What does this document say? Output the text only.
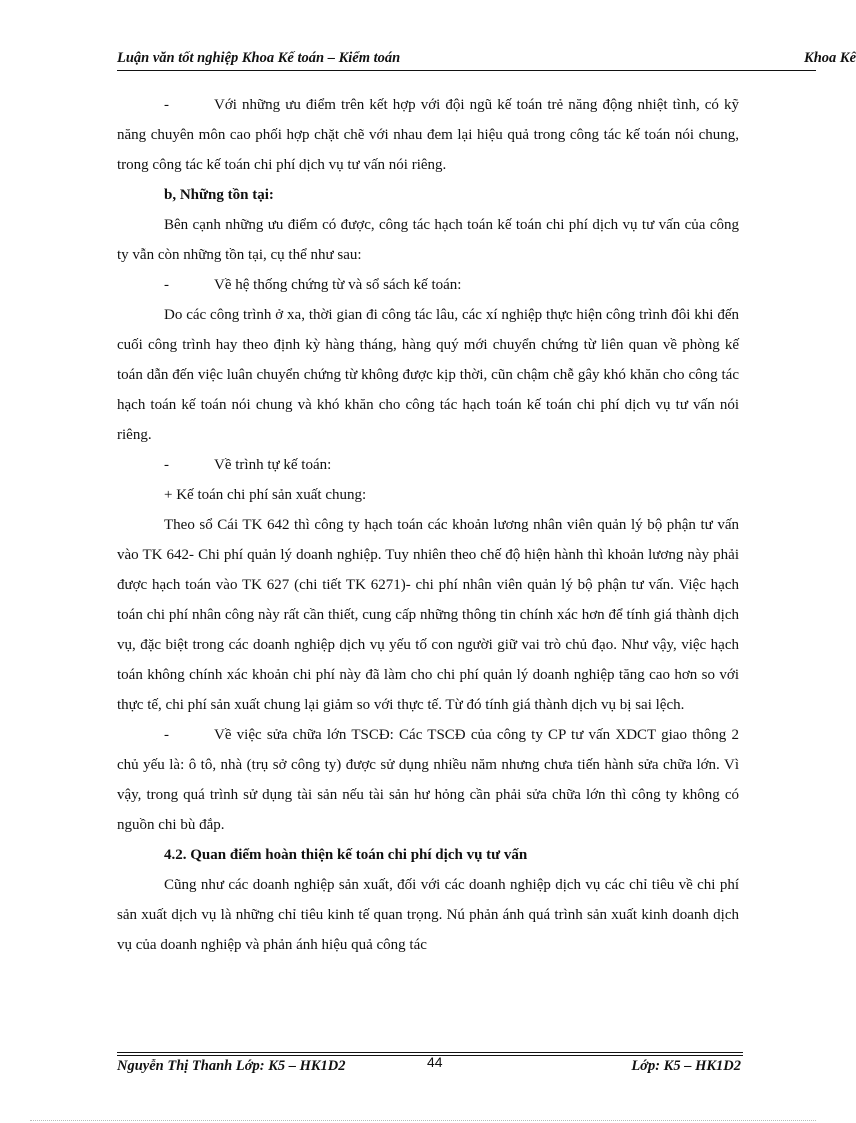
Luận văn tốt nghiệp Khoa Kế toán – Kiểm toán	Khoa Kế

-	Với những ưu điểm trên kết hợp với đội ngũ kế toán trẻ năng động nhiệt tình, có kỹ năng chuyên môn cao phối hợp chặt chẽ với nhau đem lại hiệu quả trong công tác kế toán nói chung, trong công tác kế toán chi phí dịch vụ tư vấn nói riêng.

b, Những tồn tại:

Bên cạnh những ưu điểm có được, công tác hạch toán kế toán chi phí dịch vụ tư vấn của công ty vẫn còn những tồn tại, cụ thể như sau:

-	Về hệ thống chứng từ và sổ sách kế toán:

Do các công trình ở xa, thời gian đi công tác lâu, các xí nghiệp thực hiện công trình đôi khi đến cuối công trình hay theo định kỳ hàng tháng, hàng quý mới chuyển chứng từ liên quan về phòng kế toán dẫn đến việc luân chuyển chứng từ không được kịp thời, cũn chậm chễ gây khó khăn cho công tác hạch toán kế toán nói chung và khó khăn cho công tác hạch toán kế toán chi phí dịch vụ tư vấn nói riêng.

-	Về trình tự kế toán:

+ Kế toán chi phí sản xuất chung:

Theo sổ Cái TK 642 thì công ty hạch toán các khoản lương nhân viên quản lý bộ phận tư vấn vào TK 642- Chi phí quản lý doanh nghiệp. Tuy nhiên theo chế độ hiện hành thì khoản lương này phải được hạch toán vào TK 627 (chi tiết TK 6271)- chi phí nhân viên quản lý bộ phận tư vấn. Việc hạch toán chi phí nhân công này rất cần thiết, cung cấp những thông tin chính xác hơn để tính giá thành dịch vụ, đặc biệt trong các doanh nghiệp dịch vụ yếu tố con người giữ vai trò chủ đạo. Như vậy, việc hạch toán không chính xác khoản chi phí này đã làm cho chi phí quản lý doanh nghiệp tăng cao hơn so với thực tế, chi phí sản xuất chung lại giảm so với thực tế. Từ đó tính giá thành dịch vụ bị sai lệch.

-	Về việc sửa chữa lớn TSCĐ: Các TSCĐ của công ty CP tư vấn XDCT giao thông 2 chủ yếu là: ô tô, nhà (trụ sở công ty) được sử dụng nhiều năm nhưng chưa tiến hành sửa chữa lớn. Vì vậy, trong quá trình sử dụng tài sản nếu tài sản hư hỏng cần phải sửa chữa lớn thì công ty không có nguồn chi bù đắp.

4.2. Quan điểm hoàn thiện kế toán chi phí dịch vụ tư vấn

Cũng như các doanh nghiệp sản xuất, đối với các doanh nghiệp dịch vụ các chỉ tiêu về chi phí sản xuất dịch vụ là những chỉ tiêu kinh tế quan trọng. Nú phản ánh quá trình sản xuất kinh doanh dịch vụ của doanh nghiệp và phản ánh hiệu quả công tác

Nguyễn Thị Thanh Lớp: K5 – HK1D2	44	Lớp: K5 – HK1D2
